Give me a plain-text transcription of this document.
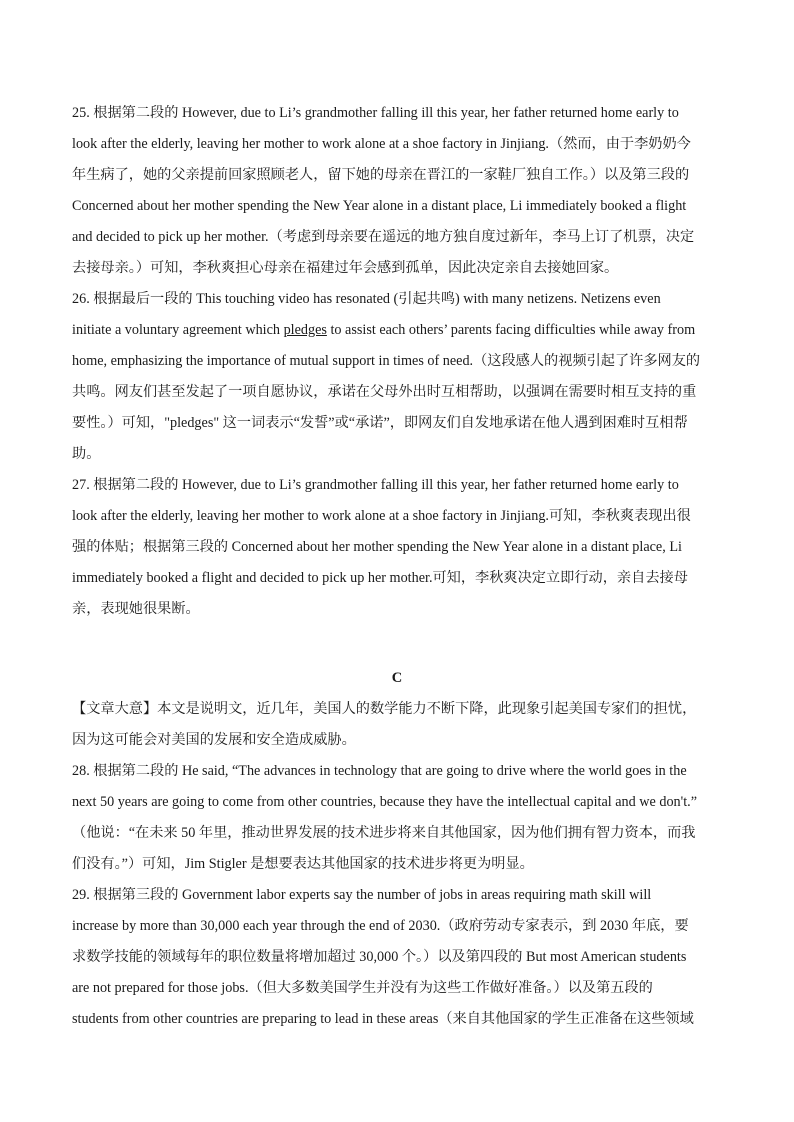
25. 根据第二段的 However, due to Li’s grandmother falling ill this year, her father returned home early to
look after the elderly, leaving her mother to work alone at a shoe factory in Jinjiang.（然而，由于李奶奶今
年生病了，她的父亲提前回家照顾老人，留下她的母亲在晋江的一家鞋厂独自工作。）以及第三段的
Concerned about her mother spending the New Year alone in a distant place, Li immediately booked a flight
and decided to pick up her mother.（考虑到母亲要在遥远的地方独自度过新年，李马上订了机票，决定
去接母亲。）可知，李秋爽担心母亲在福建过年会感到孤单，因此决定亲自去接她回家。
26. 根据最后一段的 This touching video has resonated (引起共鸣) with many netizens. Netizens even
initiate a voluntary agreement which pledges to assist each others’ parents facing difficulties while away from
home, emphasizing the importance of mutual support in times of need.（这段感人的视频引起了许多网友的
共鸣。网友们甚至发起了一项自愿协议，承诺在父母外出时互相帮助，以强调在需要时相互支持的重
要性。）可知，"pledges" 这一词表示“发誓”或“承诺”，即网友们自发地承诺在他人遇到困难时互相帮
助。
27. 根据第二段的 However, due to Li’s grandmother falling ill this year, her father returned home early to
look after the elderly, leaving her mother to work alone at a shoe factory in Jinjiang.可知，李秋爽表现出很
强的体贴；根据第三段的 Concerned about her mother spending the New Year alone in a distant place, Li
immediately booked a flight and decided to pick up her mother.可知，李秋爽决定立即行动，亲自去接母
亲，表现她很果断。
C
【文章大意】本文是说明文，近几年，美国人的数学能力不断下降，此现象引起美国专家们的担忧，
因为这可能会对美国的发展和安全造成威胁。
28. 根据第二段的 He said, “The advances in technology that are going to drive where the world goes in the
next 50 years are going to come from other countries, because they have the intellectual capital and we don't.”
（他说：“在未来 50 年里，推动世界发展的技术进步将来自其他国家，因为他们拥有智力资本，而我
们没有。”）可知，Jim Stigler 是想要表达其他国家的技术进步将更为明显。
29. 根据第三段的 Government labor experts say the number of jobs in areas requiring math skill will
increase by more than 30,000 each year through the end of 2030.（政府劳动专家表示，到 2030 年底，要
求数学技能的领域每年的职位数量将增加超过 30,000 个。）以及第四段的 But most American students
are not prepared for those jobs.（但大多数美国学生并没有为这些工作做好准备。）以及第五段的
students from other countries are preparing to lead in these areas（来自其他国家的学生正准备在这些领域
